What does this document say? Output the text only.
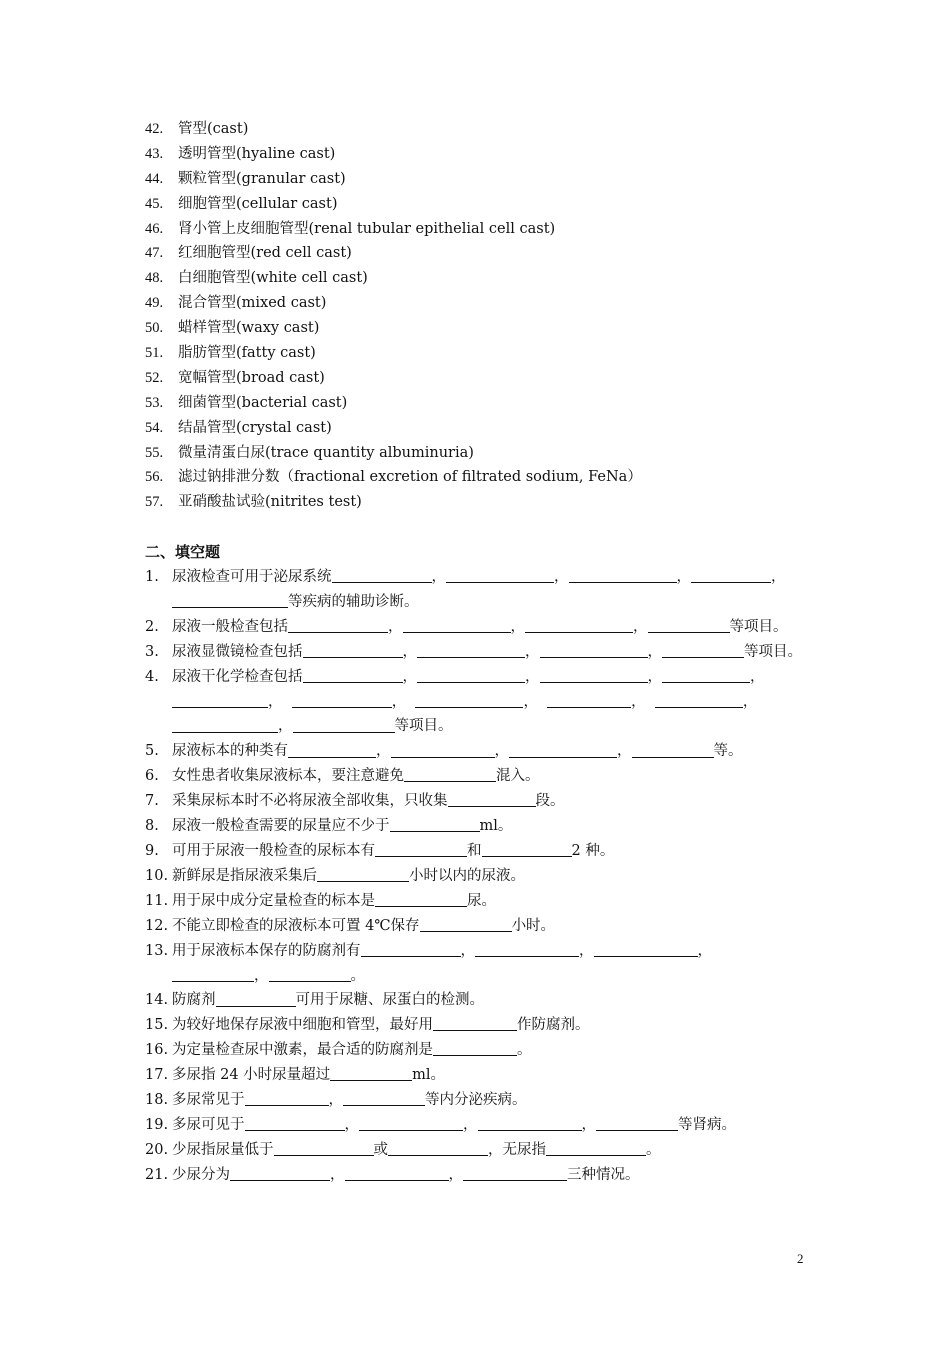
42. 管型(cast)
43. 透明管型(hyaline cast)
44. 颗粒管型(granular cast)
45. 细胞管型(cellular cast)
46. 肾小管上皮细胞管型(renal tubular epithelial cell cast)
47. 红细胞管型(red cell cast)
48. 白细胞管型(white cell cast)
49. 混合管型(mixed cast)
50. 蜡样管型(waxy cast)
51. 脂肪管型(fatty cast)
52. 宽幅管型(broad cast)
53. 细菌管型(bacterial cast)
54. 结晶管型(crystal cast)
55. 微量清蛋白尿(trace quantity albuminuria)
56. 滤过钠排泄分数（fractional excretion of filtrated sodium, FeNa）
57. 亚硝酸盐试验(nitrites test)
二、填空题
1. 尿液检查可用于泌尿系统	，	，	，	，
等疾病的辅助诊断。
2. 尿液一般检查包括	，	，	，	等项目。
3. 尿液显微镜检查包括	，	，	，	等项目。
4. 尿液干化学检查包括	，	，	，	，
，	，	，	，	，
，	等项目。
5. 尿液标本的种类有	，	，	，	等。
6. 女性患者收集尿液标本，要注意避免	混入。
7. 采集尿标本时不必将尿液全部收集，只收集	段。
8. 尿液一般检查需要的尿量应不少于	ml。
9. 可用于尿液一般检查的尿标本有	和	2 种。
10. 新鲜尿是指尿液采集后	小时以内的尿液。
11. 用于尿中成分定量检查的标本是	尿。
12. 不能立即检查的尿液标本可置 4℃保存	小时。
13. 用于尿液标本保存的防腐剂有	，	，	，
，	。
14. 防腐剂	可用于尿糖、尿蛋白的检测。
15. 为较好地保存尿液中细胞和管型，最好用	作防腐剂。
16. 为定量检查尿中激素，最合适的防腐剂是	。
17. 多尿指 24 小时尿量超过	ml。
18. 多尿常见于	，	等内分泌疾病。
19. 多尿可见于	，	，	，	等肾病。
20. 少尿指尿量低于	或	，无尿指	。
21. 少尿分为	，	，	三种情况。
2
